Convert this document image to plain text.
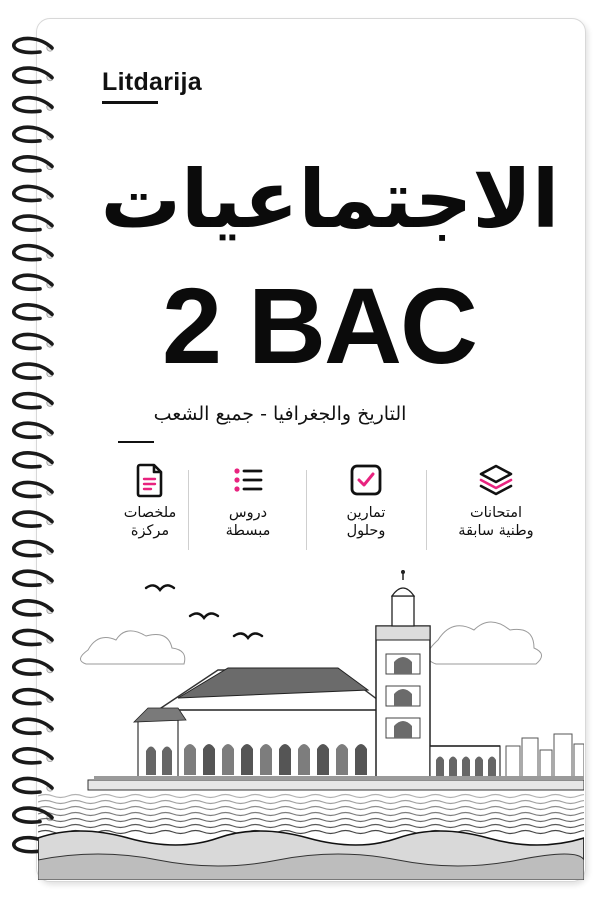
Litdarija
الاجتماعيات
2 BAC
التاريخ والجغرافيا - جميع الشعب
ملخصات
مركزة
دروس
مبسطة
تمارين
وحلول
امتحانات
وطنية سابقة
